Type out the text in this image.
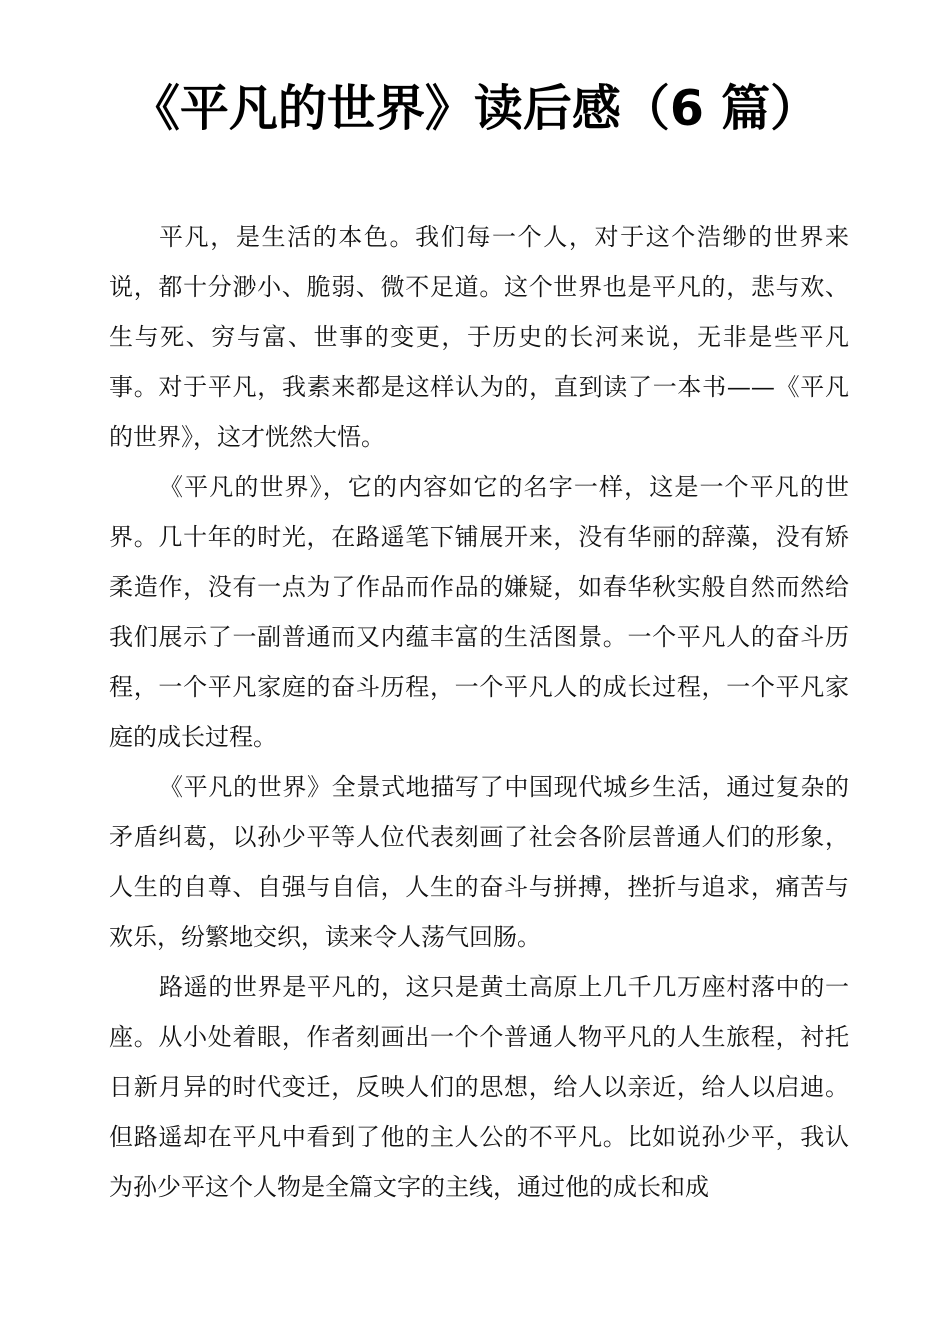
《平凡的世界》读后感（6 篇）

平凡，是生活的本色。我们每一个人，对于这个浩缈的世界来说，都十分渺小、脆弱、微不足道。这个世界也是平凡的，悲与欢、生与死、穷与富、世事的变更，于历史的长河来说，无非是些平凡事。对于平凡，我素来都是这样认为的，直到读了一本书——《平凡的世界》，这才恍然大悟。

《平凡的世界》，它的内容如它的名字一样，这是一个平凡的世界。几十年的时光，在路遥笔下铺展开来，没有华丽的辞藻，没有矫柔造作，没有一点为了作品而作品的嫌疑，如春华秋实般自然而然给我们展示了一副普通而又内蕴丰富的生活图景。一个平凡人的奋斗历程，一个平凡家庭的奋斗历程，一个平凡人的成长过程，一个平凡家庭的成长过程。

《平凡的世界》全景式地描写了中国现代城乡生活，通过复杂的矛盾纠葛，以孙少平等人位代表刻画了社会各阶层普通人们的形象，人生的自尊、自强与自信，人生的奋斗与拼搏，挫折与追求，痛苦与欢乐，纷繁地交织，读来令人荡气回肠。

路遥的世界是平凡的，这只是黄土高原上几千几万座村落中的一座。从小处着眼，作者刻画出一个个普通人物平凡的人生旅程，衬托日新月异的时代变迁，反映人们的思想，给人以亲近，给人以启迪。但路遥却在平凡中看到了他的主人公的不平凡。比如说孙少平，我认为孙少平这个人物是全篇文字的主线，通过他的成长和成
